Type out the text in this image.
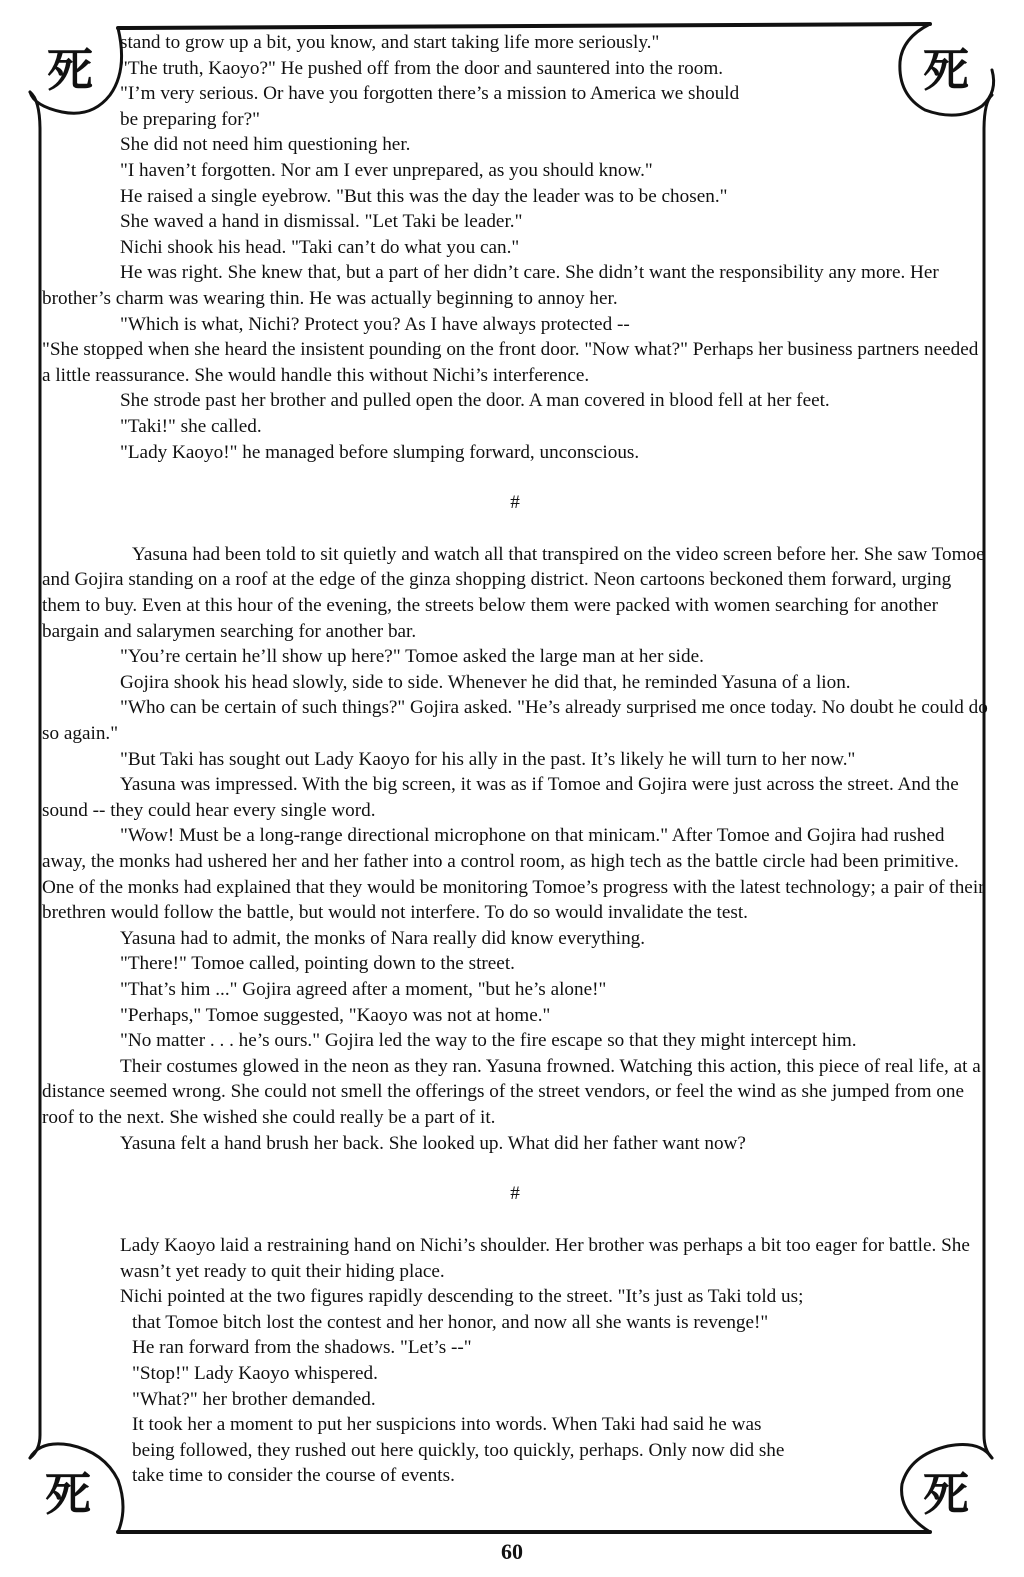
死	死
死	死

stand to grow up a bit, you know, and start taking life more seriously."

"The truth, Kaoyo?" He pushed off from the door and sauntered into the room.

"I’m very serious. Or have you forgotten there’s a mission to America we should

be preparing for?"

She did not need him questioning her.

"I haven’t forgotten. Nor am I ever unprepared, as you should know."

He raised a single eyebrow. "But this was the day the leader was to be chosen."

She waved a hand in dismissal. "Let Taki be leader."

Nichi shook his head. "Taki can’t do what you can."

He was right. She knew that, but a part of her didn’t care. She didn’t want the responsibility any more. Her brother’s charm was wearing thin. He was actually beginning to annoy her.

"Which is what, Nichi? Protect you? As I have always protected --

"She stopped when she heard the insistent pounding on the front door. "Now what?" Perhaps her business partners needed a little reassurance. She would handle this without Nichi’s interference.

She strode past her brother and pulled open the door. A man covered in blood fell at her feet.

"Taki!" she called.

"Lady Kaoyo!" he managed before slumping forward, unconscious.

#

Yasuna had been told to sit quietly and watch all that transpired on the video screen before her. She saw Tomoe and Gojira standing on a roof at the edge of the ginza shopping district. Neon cartoons beckoned them forward, urging them to buy. Even at this hour of the evening, the streets below them were packed with women searching for another bargain and salarymen searching for another bar.

"You’re certain he’ll show up here?" Tomoe asked the large man at her side.

Gojira shook his head slowly, side to side. Whenever he did that, he reminded Yasuna of a lion.

"Who can be certain of such things?" Gojira asked. "He’s already surprised me once today. No doubt he could do so again."

"But Taki has sought out Lady Kaoyo for his ally in the past. It’s likely he will turn to her now."

Yasuna was impressed. With the big screen, it was as if Tomoe and Gojira were just across the street. And the sound -- they could hear every single word.

"Wow! Must be a long-range directional microphone on that minicam." After Tomoe and Gojira had rushed away, the monks had ushered her and her father into a control room, as high tech as the battle circle had been primitive. One of the monks had explained that they would be monitoring Tomoe’s progress with the latest technology; a pair of their brethren would follow the battle, but would not interfere. To do so would invalidate the test.

Yasuna had to admit, the monks of Nara really did know everything.

"There!" Tomoe called, pointing down to the street.

"That’s him ..." Gojira agreed after a moment, "but he’s alone!"

"Perhaps," Tomoe suggested, "Kaoyo was not at home."

"No matter . . . he’s ours." Gojira led the way to the fire escape so that they might intercept him.

Their costumes glowed in the neon as they ran. Yasuna frowned. Watching this action, this piece of real life, at a distance seemed wrong. She could not smell the offerings of the street vendors, or feel the wind as she jumped from one roof to the next. She wished she could really be a part of it.

Yasuna felt a hand brush her back. She looked up. What did her father want now?

#

Lady Kaoyo laid a restraining hand on Nichi’s shoulder. Her brother was perhaps a bit too eager for battle. She wasn’t yet ready to quit their hiding place.

Nichi pointed at the two figures rapidly descending to the street. "It’s just as Taki told us;

that Tomoe bitch lost the contest and her honor, and now all she wants is revenge!"

He ran forward from the shadows. "Let’s --"

"Stop!" Lady Kaoyo whispered.

"What?" her brother demanded.

It took her a moment to put her suspicions into words. When Taki had said he was

being followed, they rushed out here quickly, too quickly, perhaps. Only now did she

take time to consider the course of events.

60
